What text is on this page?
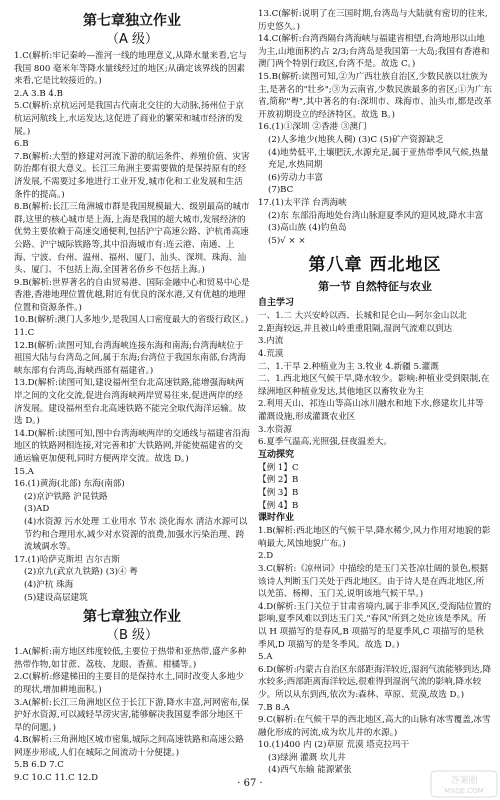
第七章独立作业
（A 级）

1.C(解析:牢记秦岭—淮河一线的地理意义,从降水量来看,它与我国 800 毫米年等降水量线经过的地区;从确定该界线的因素来看,它是比较接近的。)

2.A 3.B 4.B

5.C(解析:京杭运河是我国古代南北交往的大动脉,扬州位于京杭运河航线上,水运发达,这促进了商业的繁荣和城市经济的发展。)

6.B

7.B(解析:大型的修建对河流下游的航运条件、养殖价值、灾害防治都有很大意义。长江三角洲主要需要做的是保持原有的经济发展,不需要过多地进行工业开发,城市化和工业发展和生活条件的提高。)

8.B(解析:长江三角洲城市群是我国规模最大、级别最高的城市群,这里的核心城市是上海,上海是我国的超大城市,发展经济的优势主要依赖于高速交通便利,包括沪宁高速公路、沪杭甬高速公路、沪宁城际铁路等,其中沿海城市有:连云港、南通、上海、宁波、台州、温州、福州、厦门、汕头、深圳、珠海、汕头、厦门、不包括上海,全国著名侨乡不包括上海。)

9.B(解析:世界著名的自由贸易港、国际金融中心和贸易中心是香港,香港地理位置优越,附近有优良的深水港,又有优越的地理位置和资源条件。)

10.B(解析:澳门人多地少,是我国人口密度最大的省级行政区。)

11.C

12.B(解析:读图可知,台湾海峡连接东海和南海;台湾海峡位于祖国大陆与台湾岛之间,属于东海;台湾位于我国东南部,台湾海峡东部有台湾岛,海峡西部有福建省。)

13.D(解析:读图可知,建设福州至台北高速铁路,能增强海峡两岸之间的文化交流,促进台湾海峡两岸贸易往来,促进两岸的经济发展。建设福州至台北高速铁路不能完全取代海洋运输。故选 D。)

14.D(解析:读图可知,图中台湾海峡两岸的交通线与福建省沿海地区的铁路网相连接,对完善和扩大铁路网,并能使福建省的交通运输更加便利,同时方便两岸交流。故选 D。)

15.A

16.(1)黄海(北部) 东海(南部)

(2)京沪铁路 沪昆铁路

(3)AD

(4)水资源 污水处理 工业用水 节水 淡化海水 清洁水源可以节约和合理用水,减少对水资源的浪费,加强水污染治理、跨流域调水等。

17.(1)哈萨克斯坦 吉尔吉斯

(2)京九(武京九铁路) (3)④ 粤

(4)沪杭 珠海

(5)建设高层建筑

第七章独立作业
（B 级）

1.A(解析:南方地区纬度较低,主要位于热带和亚热带,盛产多种热带作物,如甘蔗、荔枝、龙眼、香蕉、柑橘等。)

2.C(解析:修建梯田的主要目的是保持水土,同时改变人多地少的现状,增加耕地面积。)

3.A(解析:长江三角洲地区位于长江下游,降水丰富,河网密布,保护好水资源,可以减轻旱涝灾害,能够解决我国夏季部分地区干旱的问题。)

4.B(解析:三角洲地区城市密集,城际之间高速铁路和高速公路网逐步形成,人们在城际之间流动十分便捷。)

5.B 6.D 7.C

9.C 10.C 11.C 12.D

13.C(解析:说明了在三国时期,台湾岛与大陆就有密切的往来,历史悠久。)

14.C(解析:台湾西隔台湾海峡与福建省相望,台湾地形以山地为主,山地面积约占 2/3;台湾岛是我国第一大岛;我国有香港和澳门两个特别行政区,台湾不是。故选 C。)

15.B(解析:读图可知,②为广西壮族自治区,少数民族以壮族为主,是著名的"壮乡";③为云南省,少数民族最多的省区;①为广东省,简称"粤",其中著名的有:深圳市、珠海市、汕头市,都是改革开放初期设立的经济特区。故选 B。)

16.(1)①深圳 ②香港 ③澳门

(2)人多地少(地狭人稠) (3)C (5)矿产资源缺乏

(4)地势低平,土壤肥沃,水源充足,属于亚热带季风气候,热量充足,水热同期

(6)劳动力丰富

(7)BC

17.(1)太平洋 台湾海峡

(2)东 东部沿海地处台湾山脉迎夏季风的迎风坡,降水丰富

(3)高山族 (4)钓鱼岛

(5)√ × ×

第八章 西北地区
第一节 自然特征与农业
自主学习

一、1.二 大兴安岭以西、长城和昆仑山—阿尔金山以北

2.距海较远,并且被山岭重重阻隔,湿润气流难以到达

3.内流

4.荒漠

二、1.干旱 2.种植业为主 3.牧业 4.新疆 5.灌溉

二、1.西北地区气候干旱,降水较少。影响:种植业受到限制,在绿洲地区种植业发达,其他地区以畜牧业为主

2.利用天山、祁连山等高山冰川融水和地下水,修建坎儿井等灌溉设施,形成灌溉农业区

3.水资源

6.夏季气温高,光照强,昼夜温差大。

互动探究

【例 1】C

【例 2】B

【例 3】B

【例 4】B

课时作业

1.B(解析:西北地区的气候干旱,降水稀少,风力作用对地貌的影响最大,风蚀地貌广布。)

2.D

3.C(解析:《凉州词》中描绘的是玉门关苍凉壮阔的景色,根据该诗人判断玉门关处于西北地区。由于诗人是在西北地区,所以羌笛、杨柳、玉门关,说明该地气候干旱。)

4.D(解析:玉门关位于甘肃省境内,属于非季风区,受海陆位置的影响,夏季风难以到达玉门关,"春风"所到之处应该是季风。所以 H 项描写的是春风,B 项描写的是夏季风,C 项描写的是秋季风,D 项描写的是冬季风。故选 D。)

5.A

6.D(解析:内蒙古自治区东部距海洋较近,湿润气流能够到达,降水较多;西部距离海洋较远,很难得到湿润气流的影响,降水较少。所以从东到西,依次为:森林、草原、荒漠,故选 D。)

7.B 8.A

9.C(解析:在气候干旱的西北地区,高大的山脉有冰雪覆盖,冰雪融化形成的河流,成为坎儿井的水源。)

10.(1)400 内 (2)草原 荒漠 塔克拉玛干

(3)绿洲 灌溉 坎儿井

(4)西气东输 能源紧张

· 67 ·	答案圈
MXQE.COM
